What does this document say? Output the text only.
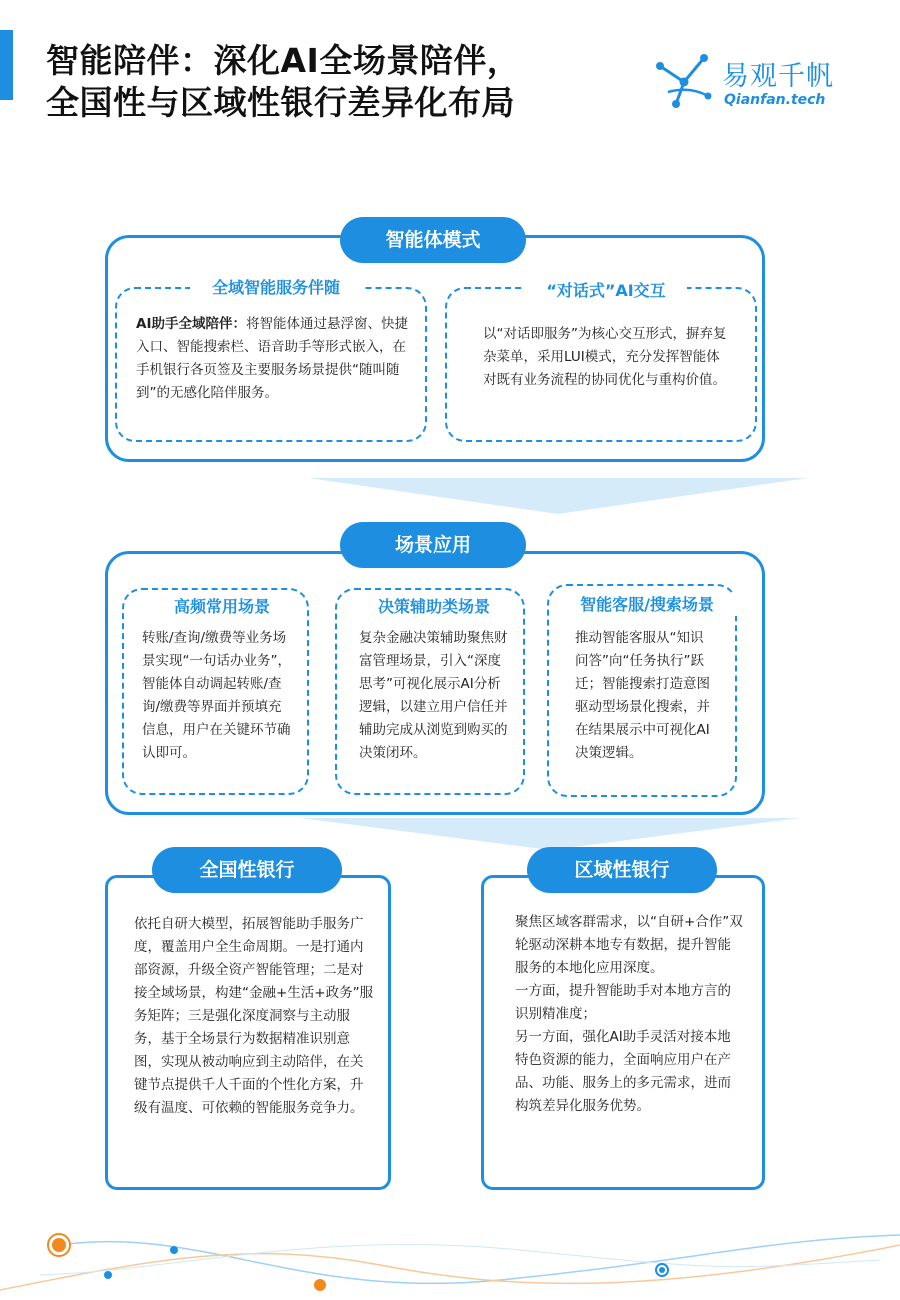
智能陪伴：深化AI全场景陪伴，
全国性与区域性银行差异化布局
易观千帆
Qianfan.tech
智能体模式
全域智能服务伴随
AI助手全域陪伴：将智能体通过悬浮窗、快捷入口、智能搜索栏、语音助手等形式嵌入，在手机银行各页签及主要服务场景提供“随叫随到”的无感化陪伴服务。
“对话式”AI交互
以“对话即服务”为核心交互形式，摒弃复杂菜单，采用LUI模式，充分发挥智能体对既有业务流程的协同优化与重构价值。
场景应用
高频常用场景
转账/查询/缴费等业务场景实现“一句话办业务”，智能体自动调起转账/查询/缴费等界面并预填充信息，用户在关键环节确认即可。
决策辅助类场景
复杂金融决策辅助聚焦财富管理场景，引入“深度思考”可视化展示AI分析逻辑，以建立用户信任并辅助完成从浏览到购买的决策闭环。
智能客服/搜索场景
推动智能客服从“知识问答”向“任务执行”跃迁；智能搜索打造意图驱动型场景化搜索，并在结果展示中可视化AI决策逻辑。
全国性银行
依托自研大模型，拓展智能助手服务广度，覆盖用户全生命周期。一是打通内部资源，升级全资产智能管理；二是对接全域场景，构建“金融+生活+政务”服务矩阵；三是强化深度洞察与主动服务，基于全场景行为数据精准识别意图，实现从被动响应到主动陪伴，在关键节点提供千人千面的个性化方案，升级有温度、可依赖的智能服务竞争力。
区域性银行
聚焦区域客群需求，以“自研+合作”双轮驱动深耕本地专有数据，提升智能服务的本地化应用深度。
一方面，提升智能助手对本地方言的识别精准度；
另一方面，强化AI助手灵活对接本地特色资源的能力，全面响应用户在产品、功能、服务上的多元需求，进而构筑差异化服务优势。
